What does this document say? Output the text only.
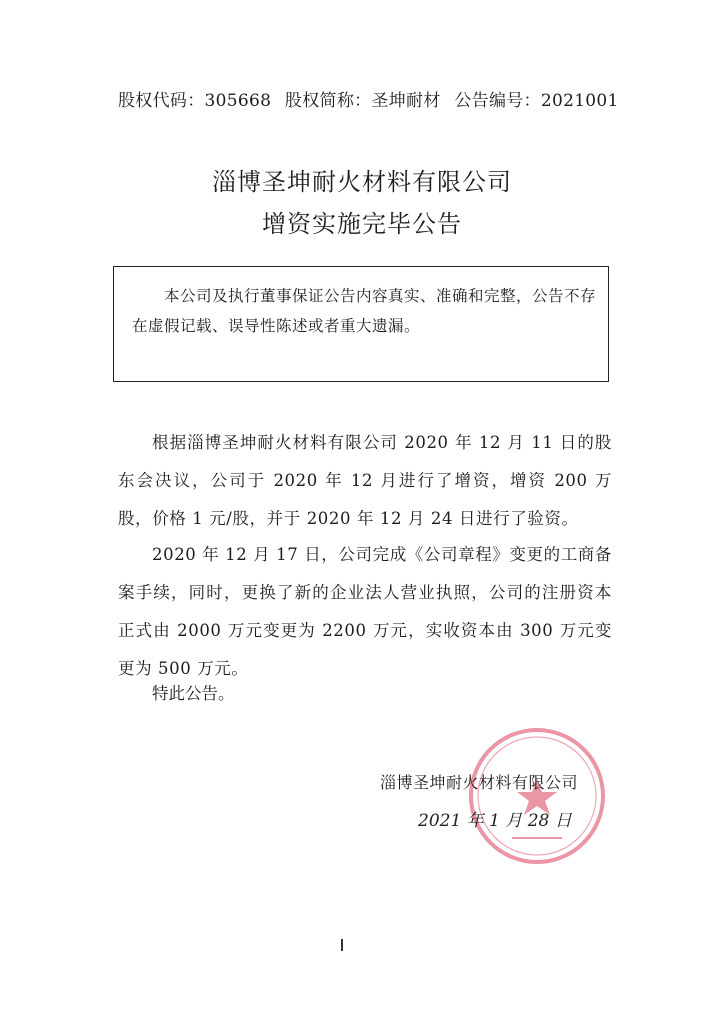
股权代码：305668 股权简称：圣坤耐材 公告编号：2021001
淄博圣坤耐火材料有限公司
增资实施完毕公告
本公司及执行董事保证公告内容真实、准确和完整，公告不存在虚假记载、误导性陈述或者重大遗漏。
根据淄博圣坤耐火材料有限公司 2020 年 12 月 11 日的股东会决议，公司于 2020 年 12 月进行了增资，增资 200 万股，价格 1 元/股，并于 2020 年 12 月 24 日进行了验资。
2020 年 12 月 17 日，公司完成《公司章程》变更的工商备案手续，同时，更换了新的企业法人营业执照，公司的注册资本正式由 2000 万元变更为 2200 万元，实收资本由 300 万元变更为 500 万元。
特此公告。
淄博圣坤耐火材料有限公司
2021 年 1 月 28 日
